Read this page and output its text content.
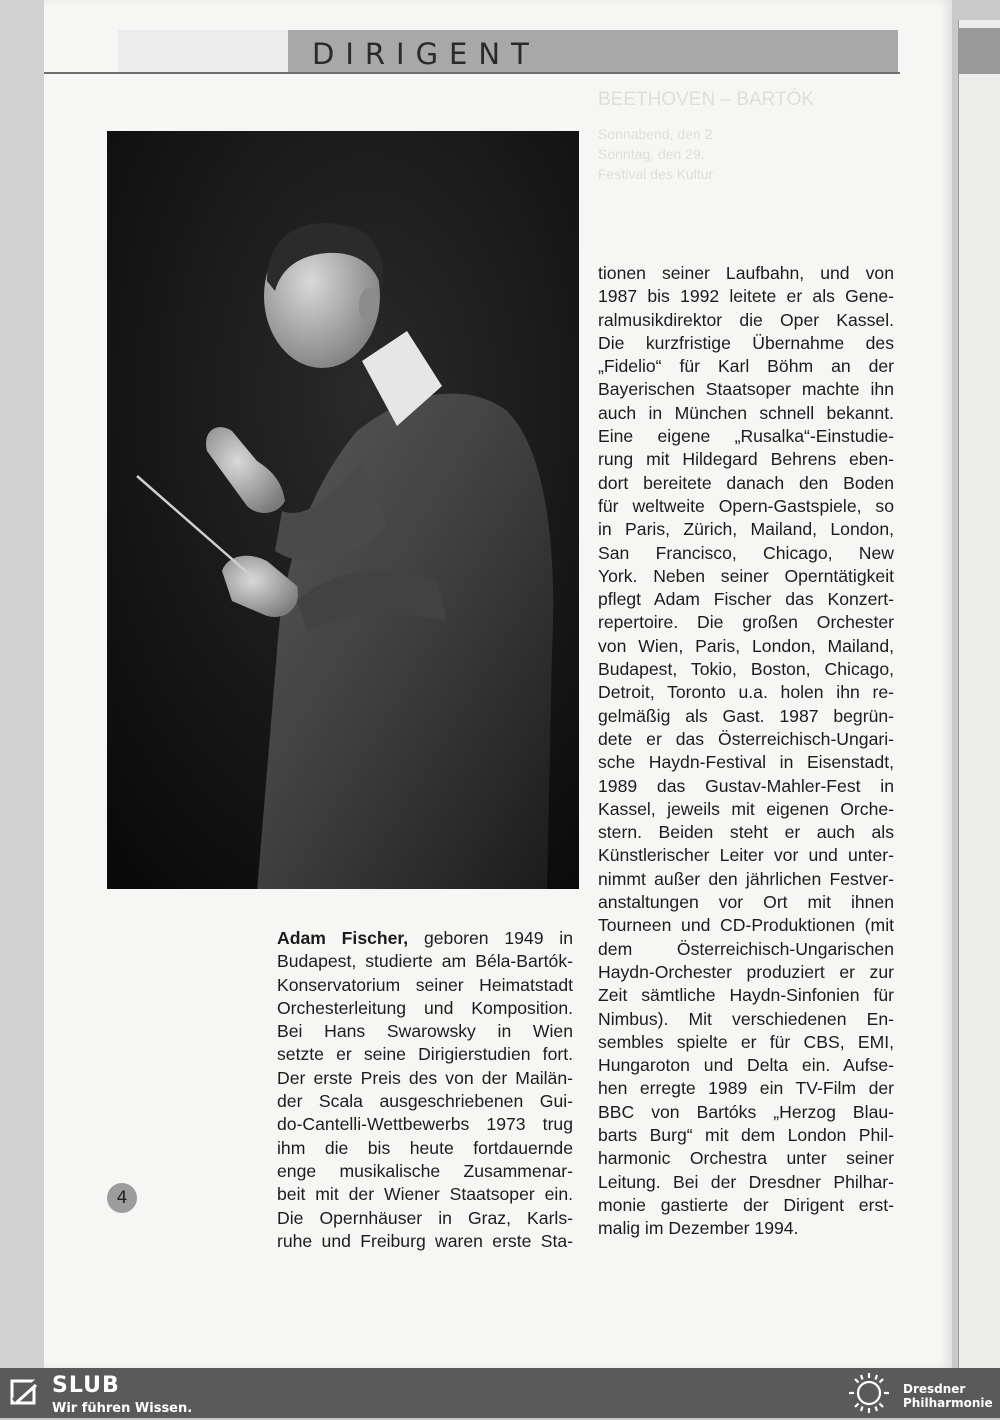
DIRIGENT
BEETHOVEN – BARTÓK
Sonnabend, den 2
Sonntag, den 29.
Festival des Kultur
Adam Fischer, geboren 1949 in
Budapest, studierte am Béla-Bartók-
Konservatorium seiner Heimatstadt
Orchesterleitung und Komposition.
Bei Hans Swarowsky in Wien
setzte er seine Dirigierstudien fort.
Der erste Preis des von der Mailän-
der Scala ausgeschriebenen Gui-
do-Cantelli-Wettbewerbs 1973 trug
ihm die bis heute fortdauernde
enge musikalische Zusammenar-
beit mit der Wiener Staatsoper ein.
Die Opernhäuser in Graz, Karls-
ruhe und Freiburg waren erste Sta-
tionen seiner Laufbahn, und von
1987 bis 1992 leitete er als Gene-
ralmusikdirektor die Oper Kassel.
Die kurzfristige Übernahme des
„Fidelio“ für Karl Böhm an der
Bayerischen Staatsoper machte ihn
auch in München schnell bekannt.
Eine eigene „Rusalka“-Einstudie-
rung mit Hildegard Behrens eben-
dort bereitete danach den Boden
für weltweite Opern-Gastspiele, so
in Paris, Zürich, Mailand, London,
San Francisco, Chicago, New
York. Neben seiner Operntätigkeit
pflegt Adam Fischer das Konzert-
repertoire. Die großen Orchester
von Wien, Paris, London, Mailand,
Budapest, Tokio, Boston, Chicago,
Detroit, Toronto u.a. holen ihn re-
gelmäßig als Gast. 1987 begrün-
dete er das Österreichisch-Ungari-
sche Haydn-Festival in Eisenstadt,
1989 das Gustav-Mahler-Fest in
Kassel, jeweils mit eigenen Orche-
stern. Beiden steht er auch als
Künstlerischer Leiter vor und unter-
nimmt außer den jährlichen Festver-
anstaltungen vor Ort mit ihnen
Tourneen und CD-Produktionen (mit
dem Österreichisch-Ungarischen
Haydn-Orchester produziert er zur
Zeit sämtliche Haydn-Sinfonien für
Nimbus). Mit verschiedenen En-
sembles spielte er für CBS, EMI,
Hungaroton und Delta ein. Aufse-
hen erregte 1989 ein TV-Film der
BBC von Bartóks „Herzog Blau-
barts Burg“ mit dem London Phil-
harmonic Orchestra unter seiner
Leitung. Bei der Dresdner Philhar-
monie gastierte der Dirigent erst-
malig im Dezember 1994.
4
SLUB
Wir führen Wissen.
Dresdner
Philharmonie
